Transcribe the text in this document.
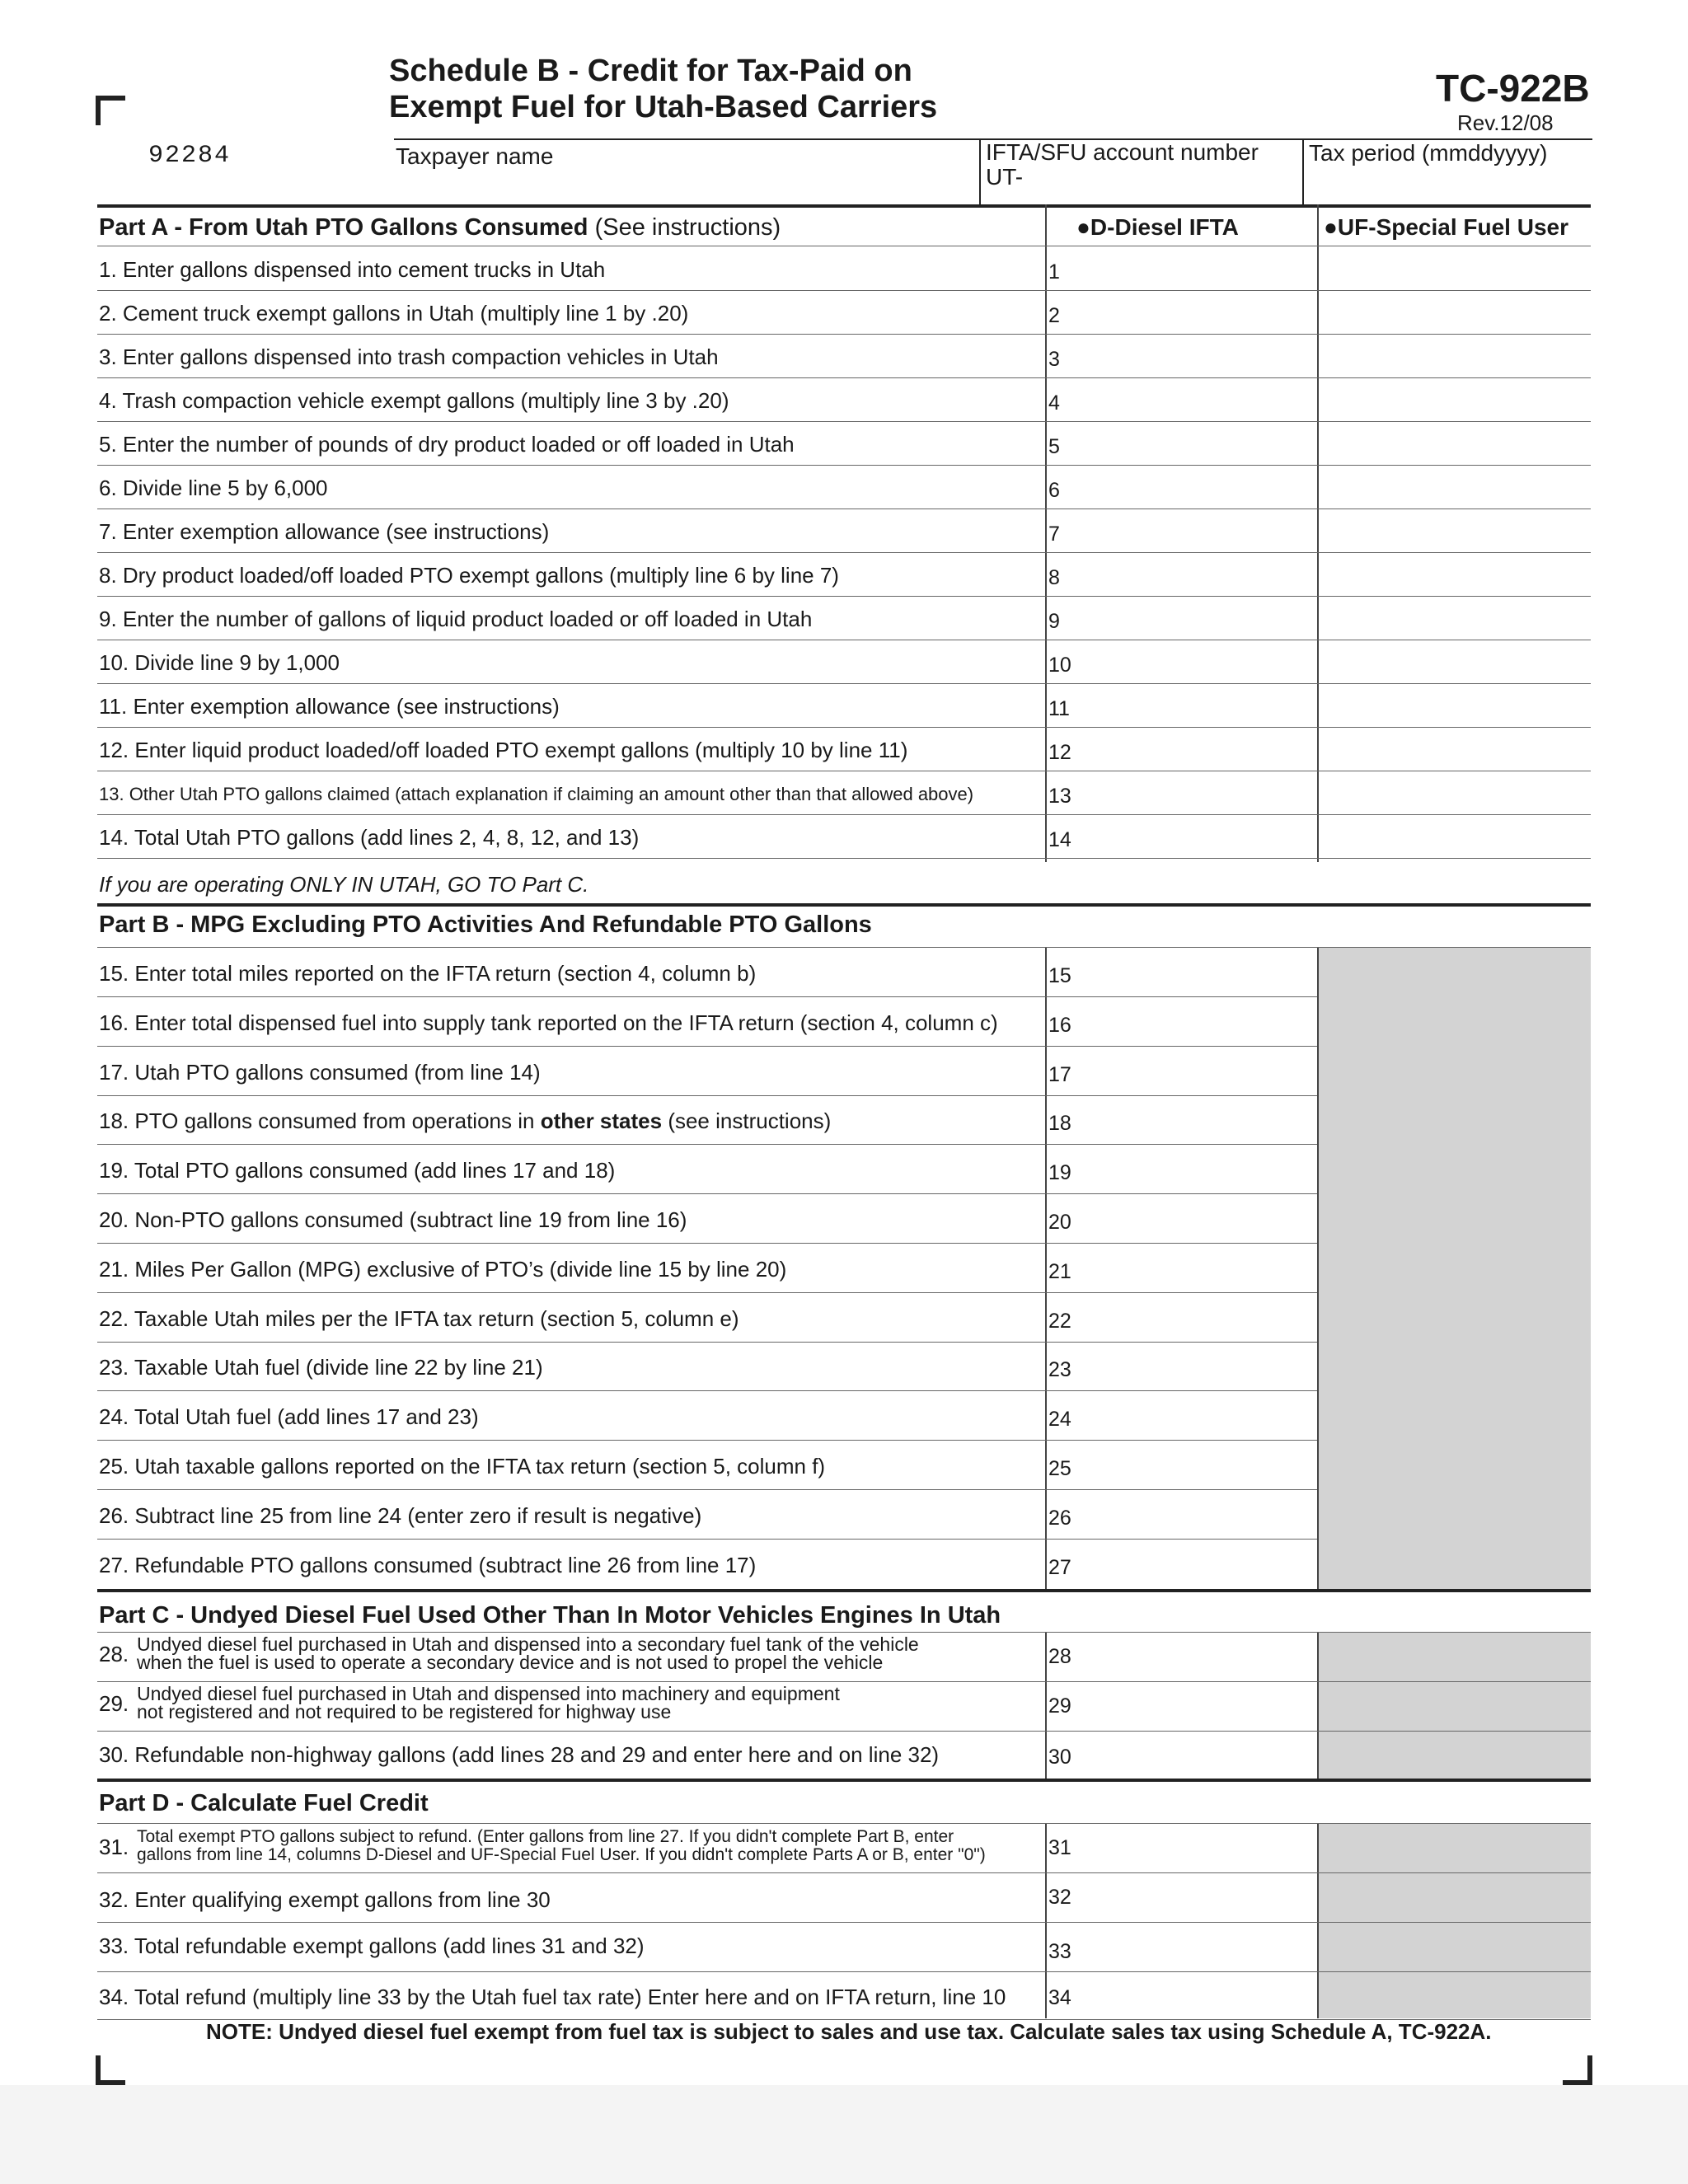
Schedule B - Credit for Tax-Paid on
Exempt Fuel for Utah-Based Carriers	TC-922B
Rev.12/08
92284	Taxpayer name	IFTA/SFU account number
UT-
Tax period (mmddyyyy)
Part A - From Utah PTO Gallons Consumed (See instructions)	●D-Diesel IFTA	●UF-Special Fuel User
1. Enter gallons dispensed into cement trucks in Utah	1
2. Cement truck exempt gallons in Utah (multiply line 1 by .20)	2
3. Enter gallons dispensed into trash compaction vehicles in Utah	3
4. Trash compaction vehicle exempt gallons (multiply line 3 by .20)	4
5. Enter the number of pounds of dry product loaded or off loaded in Utah	5
6. Divide line 5 by 6,000	6
7. Enter exemption allowance (see instructions)	7
8. Dry product loaded/off loaded PTO exempt gallons (multiply line 6 by line 7)	8
9. Enter the number of gallons of liquid product loaded or off loaded in Utah	9
10. Divide line 9 by 1,000	10
11. Enter exemption allowance (see instructions)	11
12. Enter liquid product loaded/off loaded PTO exempt gallons (multiply 10 by line 11)	12
13. Other Utah PTO gallons claimed (attach explanation if claiming an amount other than that allowed above)	13
14. Total Utah PTO gallons (add lines 2, 4, 8, 12, and 13)	14
If you are operating ONLY IN UTAH, GO TO Part C.
Part B - MPG Excluding PTO Activities And Refundable PTO Gallons
15. Enter total miles reported on the IFTA return (section 4, column b)	15
16. Enter total dispensed fuel into supply tank reported on the IFTA return (section 4, column c) 16
17. Utah PTO gallons consumed (from line 14)	17
18. PTO gallons consumed from operations in other states (see instructions)	18
19. Total PTO gallons consumed (add lines 17 and 18)	19
20. Non-PTO gallons consumed (subtract line 19 from line 16)	20
21. Miles Per Gallon (MPG) exclusive of PTO’s (divide line 15 by line 20)	21
22. Taxable Utah miles per the IFTA tax return (section 5, column e)	22
23. Taxable Utah fuel (divide line 22 by line 21)	23
24. Total Utah fuel (add lines 17 and 23)	24
25. Utah taxable gallons reported on the IFTA tax return (section 5, column f)	25
26. Subtract line 25 from line 24 (enter zero if result is negative)	26
27. Refundable PTO gallons consumed (subtract line 26 from line 17)	27
Part C - Undyed Diesel Fuel Used Other Than In Motor Vehicles Engines In Utah
28. Undyed diesel fuel purchased in Utah and dispensed into a secondary fuel tank of the vehicle
when the fuel is used to operate a secondary device and is not used to propel the vehicle	28
29. Undyed diesel fuel purchased in Utah and dispensed into machinery and equipment
not registered and not required to be registered for highway use	29
30. Refundable non-highway gallons (add lines 28 and 29 and enter here and on line 32)	30
Part D - Calculate Fuel Credit
31. Total exempt PTO gallons subject to refund. (Enter gallons from line 27. If you didn't complete Part B, enter
gallons from line 14, columns D-Diesel and UF-Special Fuel User. If you didn't complete Parts A or B, enter "0")	31
32. Enter qualifying exempt gallons from line 30	32
33. Total refundable exempt gallons (add lines 31 and 32)	33
34. Total refund (multiply line 33 by the Utah fuel tax rate) Enter here and on IFTA return, line 10 34
NOTE: Undyed diesel fuel exempt from fuel tax is subject to sales and use tax. Calculate sales tax using Schedule A, TC-922A.
